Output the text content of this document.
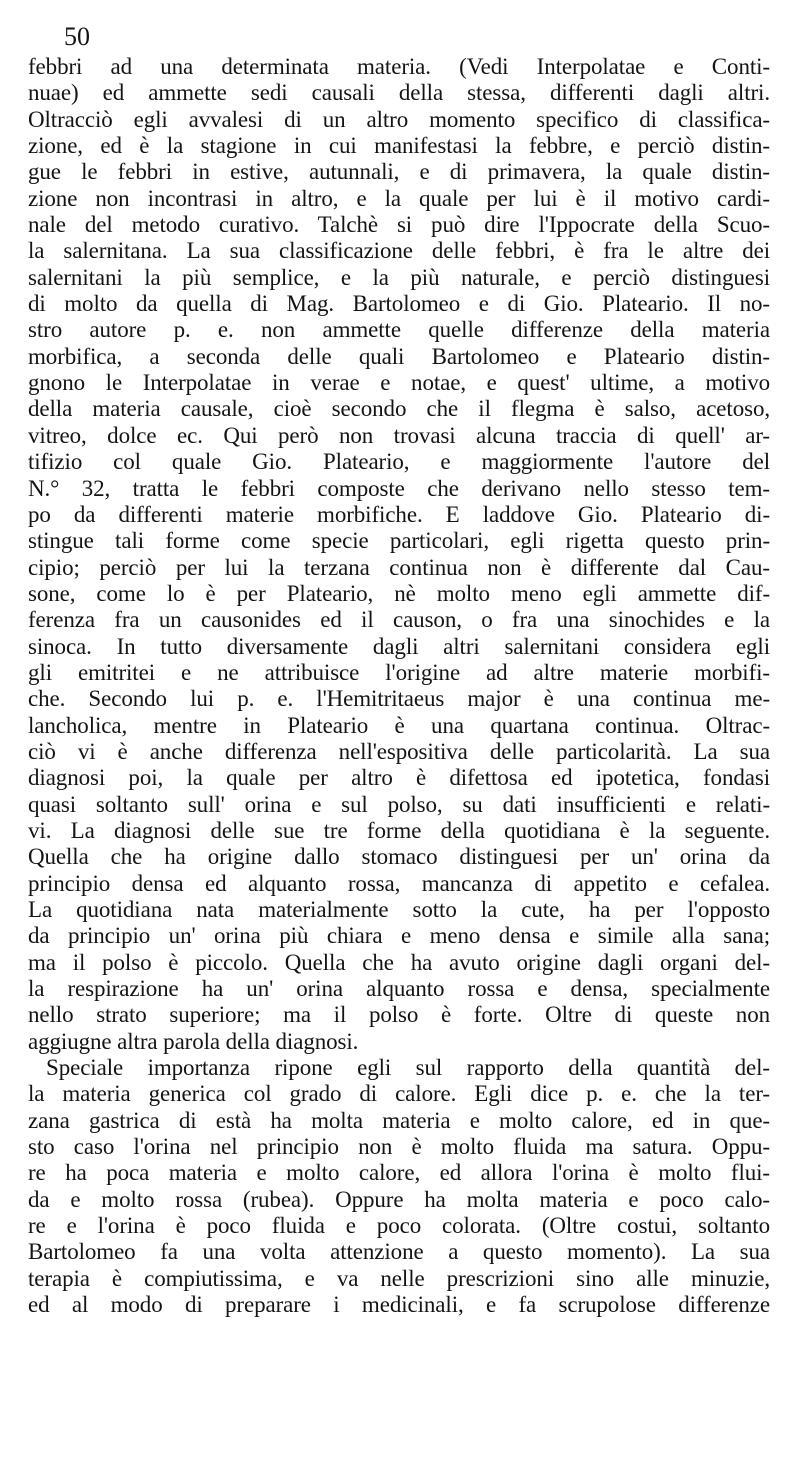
50
febbri ad una determinata materia. (Vedi Interpolatae e Conti-
nuae) ed ammette sedi causali della stessa, differenti dagli altri.
Oltracciò egli avvalesi di un altro momento specifico di classifica-
zione, ed è la stagione in cui manifestasi la febbre, e perciò distin-
gue le febbri in estive, autunnali, e di primavera, la quale distin-
zione non incontrasi in altro, e la quale per lui è il motivo cardi-
nale del metodo curativo. Talchè si può dire l'Ippocrate della Scuo-
la salernitana. La sua classificazione delle febbri, è fra le altre dei
salernitani la più semplice, e la più naturale, e perciò distinguesi
di molto da quella di Mag. Bartolomeo e di Gio. Plateario. Il no-
stro autore p. e. non ammette quelle differenze della materia
morbifica, a seconda delle quali Bartolomeo e Plateario distin-
gnono le Interpolatae in verae e notae, e quest' ultime, a motivo
della materia causale, cioè secondo che il flegma è salso, acetoso,
vitreo, dolce ec. Qui però non trovasi alcuna traccia di quell' ar-
tifizio col quale Gio. Plateario, e maggiormente l'autore del
N.° 32, tratta le febbri composte che derivano nello stesso tem-
po da differenti materie morbifiche. E laddove Gio. Plateario di-
stingue tali forme come specie particolari, egli rigetta questo prin-
cipio; perciò per lui la terzana continua non è differente dal Cau-
sone, come lo è per Plateario, nè molto meno egli ammette dif-
ferenza fra un causonides ed il causon, o fra una sinochides e la
sinoca. In tutto diversamente dagli altri salernitani considera egli
gli emitritei e ne attribuisce l'origine ad altre materie morbifi-
che. Secondo lui p. e. l'Hemitritaeus major è una continua me-
lancholica, mentre in Plateario è una quartana continua. Oltrac-
ciò vi è anche differenza nell'espositiva delle particolarità. La sua
diagnosi poi, la quale per altro è difettosa ed ipotetica, fondasi
quasi soltanto sull' orina e sul polso, su dati insufficienti e relati-
vi. La diagnosi delle sue tre forme della quotidiana è la seguente.
Quella che ha origine dallo stomaco distinguesi per un' orina da
principio densa ed alquanto rossa, mancanza di appetito e cefalea.
La quotidiana nata materialmente sotto la cute, ha per l'opposto
da principio un' orina più chiara e meno densa e simile alla sana;
ma il polso è piccolo. Quella che ha avuto origine dagli organi del-
la respirazione ha un' orina alquanto rossa e densa, specialmente
nello strato superiore; ma il polso è forte. Oltre di queste non
aggiugne altra parola della diagnosi.
Speciale importanza ripone egli sul rapporto della quantità del-
la materia generica col grado di calore. Egli dice p. e. che la ter-
zana gastrica di està ha molta materia e molto calore, ed in que-
sto caso l'orina nel principio non è molto fluida ma satura. Oppu-
re ha poca materia e molto calore, ed allora l'orina è molto flui-
da e molto rossa (rubea). Oppure ha molta materia e poco calo-
re e l'orina è poco fluida e poco colorata. (Oltre costui, soltanto
Bartolomeo fa una volta attenzione a questo momento). La sua
terapia è compiutissima, e va nelle prescrizioni sino alle minuzie,
ed al modo di preparare i medicinali, e fa scrupolose differenze
